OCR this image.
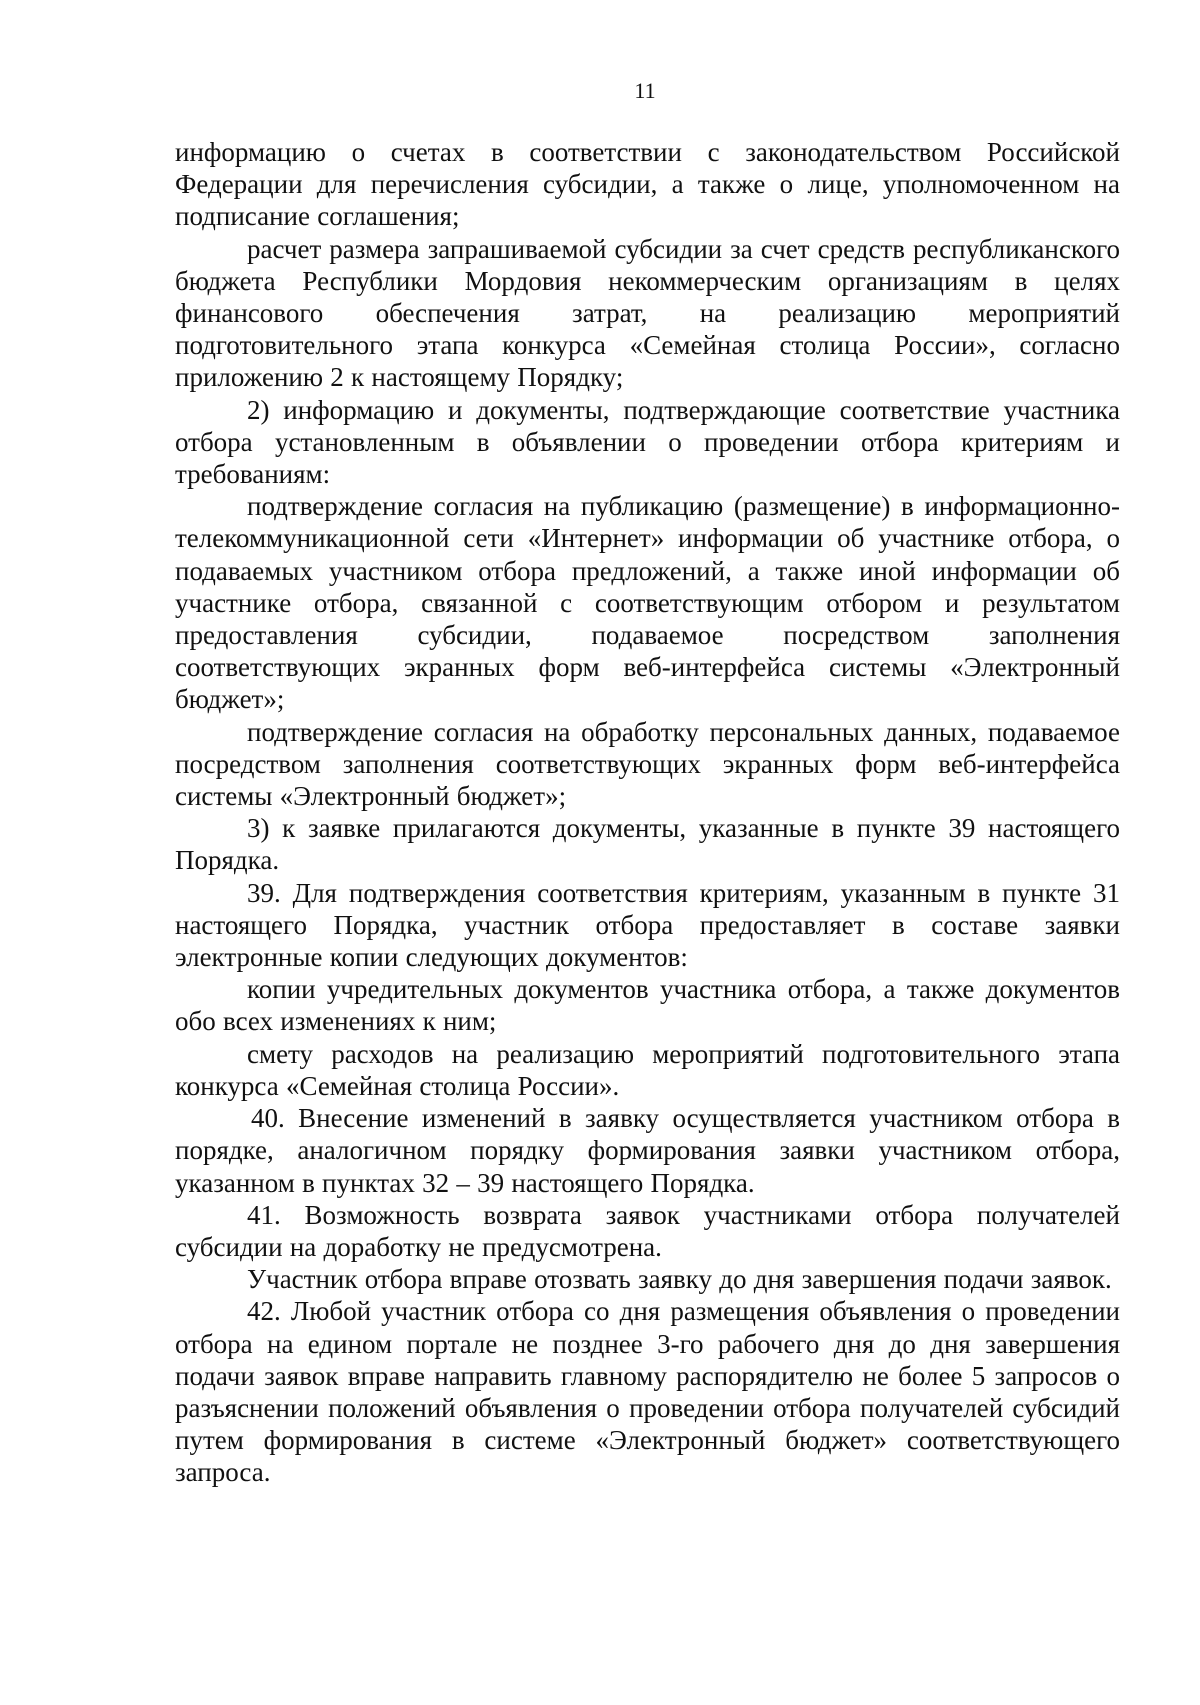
11

информацию о счетах в соответствии с законодательством Российской Федерации для перечисления субсидии, а также о лице, уполномоченном на подписание соглашения;

расчет размера запрашиваемой субсидии за счет средств республиканского бюджета Республики Мордовия некоммерческим организациям в целях финансового обеспечения затрат, на реализацию мероприятий подготовительного этапа конкурса «Семейная столица России», согласно приложению 2 к настоящему Порядку;

2) информацию и документы, подтверждающие соответствие участника отбора установленным в объявлении о проведении отбора критериям и требованиям:

подтверждение согласия на публикацию (размещение) в информационно-телекоммуникационной сети «Интернет» информации об участнике отбора, о подаваемых участником отбора предложений, а также иной информации об участнике отбора, связанной с соответствующим отбором и результатом предоставления субсидии, подаваемое посредством заполнения соответствующих экранных форм веб-интерфейса системы «Электронный бюджет»;

подтверждение согласия на обработку персональных данных, подаваемое посредством заполнения соответствующих экранных форм веб-интерфейса системы «Электронный бюджет»;

3) к заявке прилагаются документы, указанные в пункте 39 настоящего Порядка.

39. Для подтверждения соответствия критериям, указанным в пункте 31 настоящего Порядка, участник отбора предоставляет в составе заявки электронные копии следующих документов:

копии учредительных документов участника отбора, а также документов обо всех изменениях к ним;

смету расходов на реализацию мероприятий подготовительного этапа конкурса «Семейная столица России».

40. Внесение изменений в заявку осуществляется участником отбора в порядке, аналогичном порядку формирования заявки участником отбора, указанном в пунктах 32 – 39 настоящего Порядка.

41. Возможность возврата заявок участниками отбора получателей субсидии на доработку не предусмотрена.

Участник отбора вправе отозвать заявку до дня завершения подачи заявок.

42. Любой участник отбора со дня размещения объявления о проведении отбора на едином портале не позднее 3-го рабочего дня до дня завершения подачи заявок вправе направить главному распорядителю не более 5 запросов о разъяснении положений объявления о проведении отбора получателей субсидий путем формирования в системе «Электронный бюджет» соответствующего запроса.
